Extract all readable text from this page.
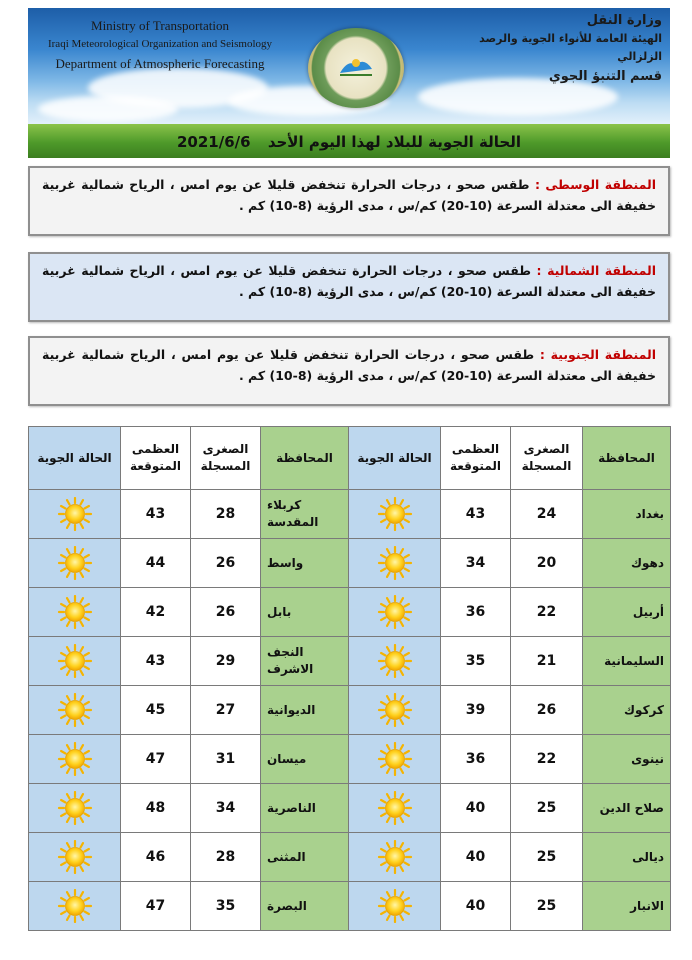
Ministry of Transportation
Iraqi Meteorological Organization and Seismology
Department of Atmospheric Forecasting
وزارة النقل
الهيئة العامة للأنواء الجوية والرصد الزلزالي
قسم التنبؤ الجوي
الحالة الجوية للبلاد لهذا اليوم الأحد 2021/6/6
المنطقة الوسطى : طقس صحو ، درجات الحرارة تنخفض قليلا عن يوم امس ، الرياح شمالية غربية خفيفة الى معتدلة السرعة (10-20) كم/س ، مدى الرؤية (8-10) كم .
المنطقة الشمالية : طقس صحو ، درجات الحرارة تنخفض قليلا عن يوم امس ، الرياح شمالية غربية خفيفة الى معتدلة السرعة (10-20) كم/س ، مدى الرؤية (8-10) كم .
المنطقة الجنوبية : طقس صحو ، درجات الحرارة تنخفض قليلا عن يوم امس ، الرياح شمالية غربية خفيفة الى معتدلة السرعة (10-20) كم/س ، مدى الرؤية (8-10) كم .
المحافظة	الصغرى المسجلة	العظمى المتوقعة	الحالة الجوية	المحافظة	الصغرى المسجلة	العظمى المتوقعة	الحالة الجوية
بغداد	24	43		كربلاء المقدسة	28	43	
دهوك	20	34		واسط	26	44	
أربيل	22	36		بابل	26	42	
السليمانية	21	35		النجف الاشرف	29	43	
كركوك	26	39		الديوانية	27	45	
نينوى	22	36		ميسان	31	47	
صلاح الدين	25	40		الناصرية	34	48	
ديالى	25	40		المثنى	28	46	
الانبار	25	40		البصرة	35	47	
